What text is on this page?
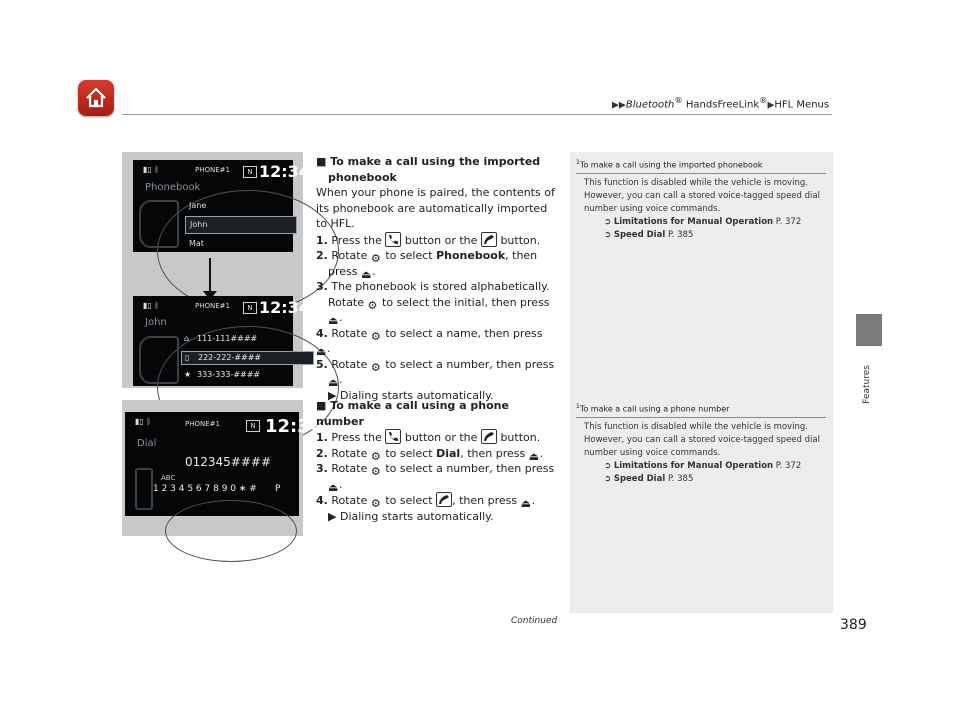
▶▶Bluetooth® HandsFreeLink®▶HFL Menus
Features
▮▯ ᛒ	PHONE#1	N 12:34
Phonebook
Jane
John
Mat
▮▯ ᛒ	PHONE#1	N 12:34
John
⌂ 111-111####
▯ 222-222-####
★ 333-333-####
▮▯ ᛒ	PHONE#1	N 12:34
Dial
012345####
ABC
1 2 3 4 5 6 7 8 9 0 ∗ # P
■ To make a call using the imported
phonebook
When your phone is paired, the contents of its phonebook are automatically imported to HFL.
1. Press the button or the button.
2. Rotate ⚙ to select Phonebook, then
press ⏏.
3. The phonebook is stored alphabetically.
Rotate ⚙ to select the initial, then press
⏏.
4. Rotate ⚙ to select a name, then press ⏏.
5. Rotate ⚙ to select a number, then press
⏏.
▶ Dialing starts automatically.
■ To make a call using a phone number
1. Press the button or the button.
2. Rotate ⚙ to select Dial, then press ⏏.
3. Rotate ⚙ to select a number, then press
⏏.
4. Rotate ⚙ to select , then press ⏏.
▶ Dialing starts automatically.
$^1$To make a call using the imported phonebook

This function is disabled while the vehicle is moving. However, you can call a stored voice-tagged speed dial number using voice commands.

➲ Limitations for Manual Operation P. 372
➲ Speed Dial P. 385
$^1$To make a call using a phone number

This function is disabled while the vehicle is moving. However, you can call a stored voice-tagged speed dial number using voice commands.

➲ Limitations for Manual Operation P. 372
➲ Speed Dial P. 385
Continued	389
